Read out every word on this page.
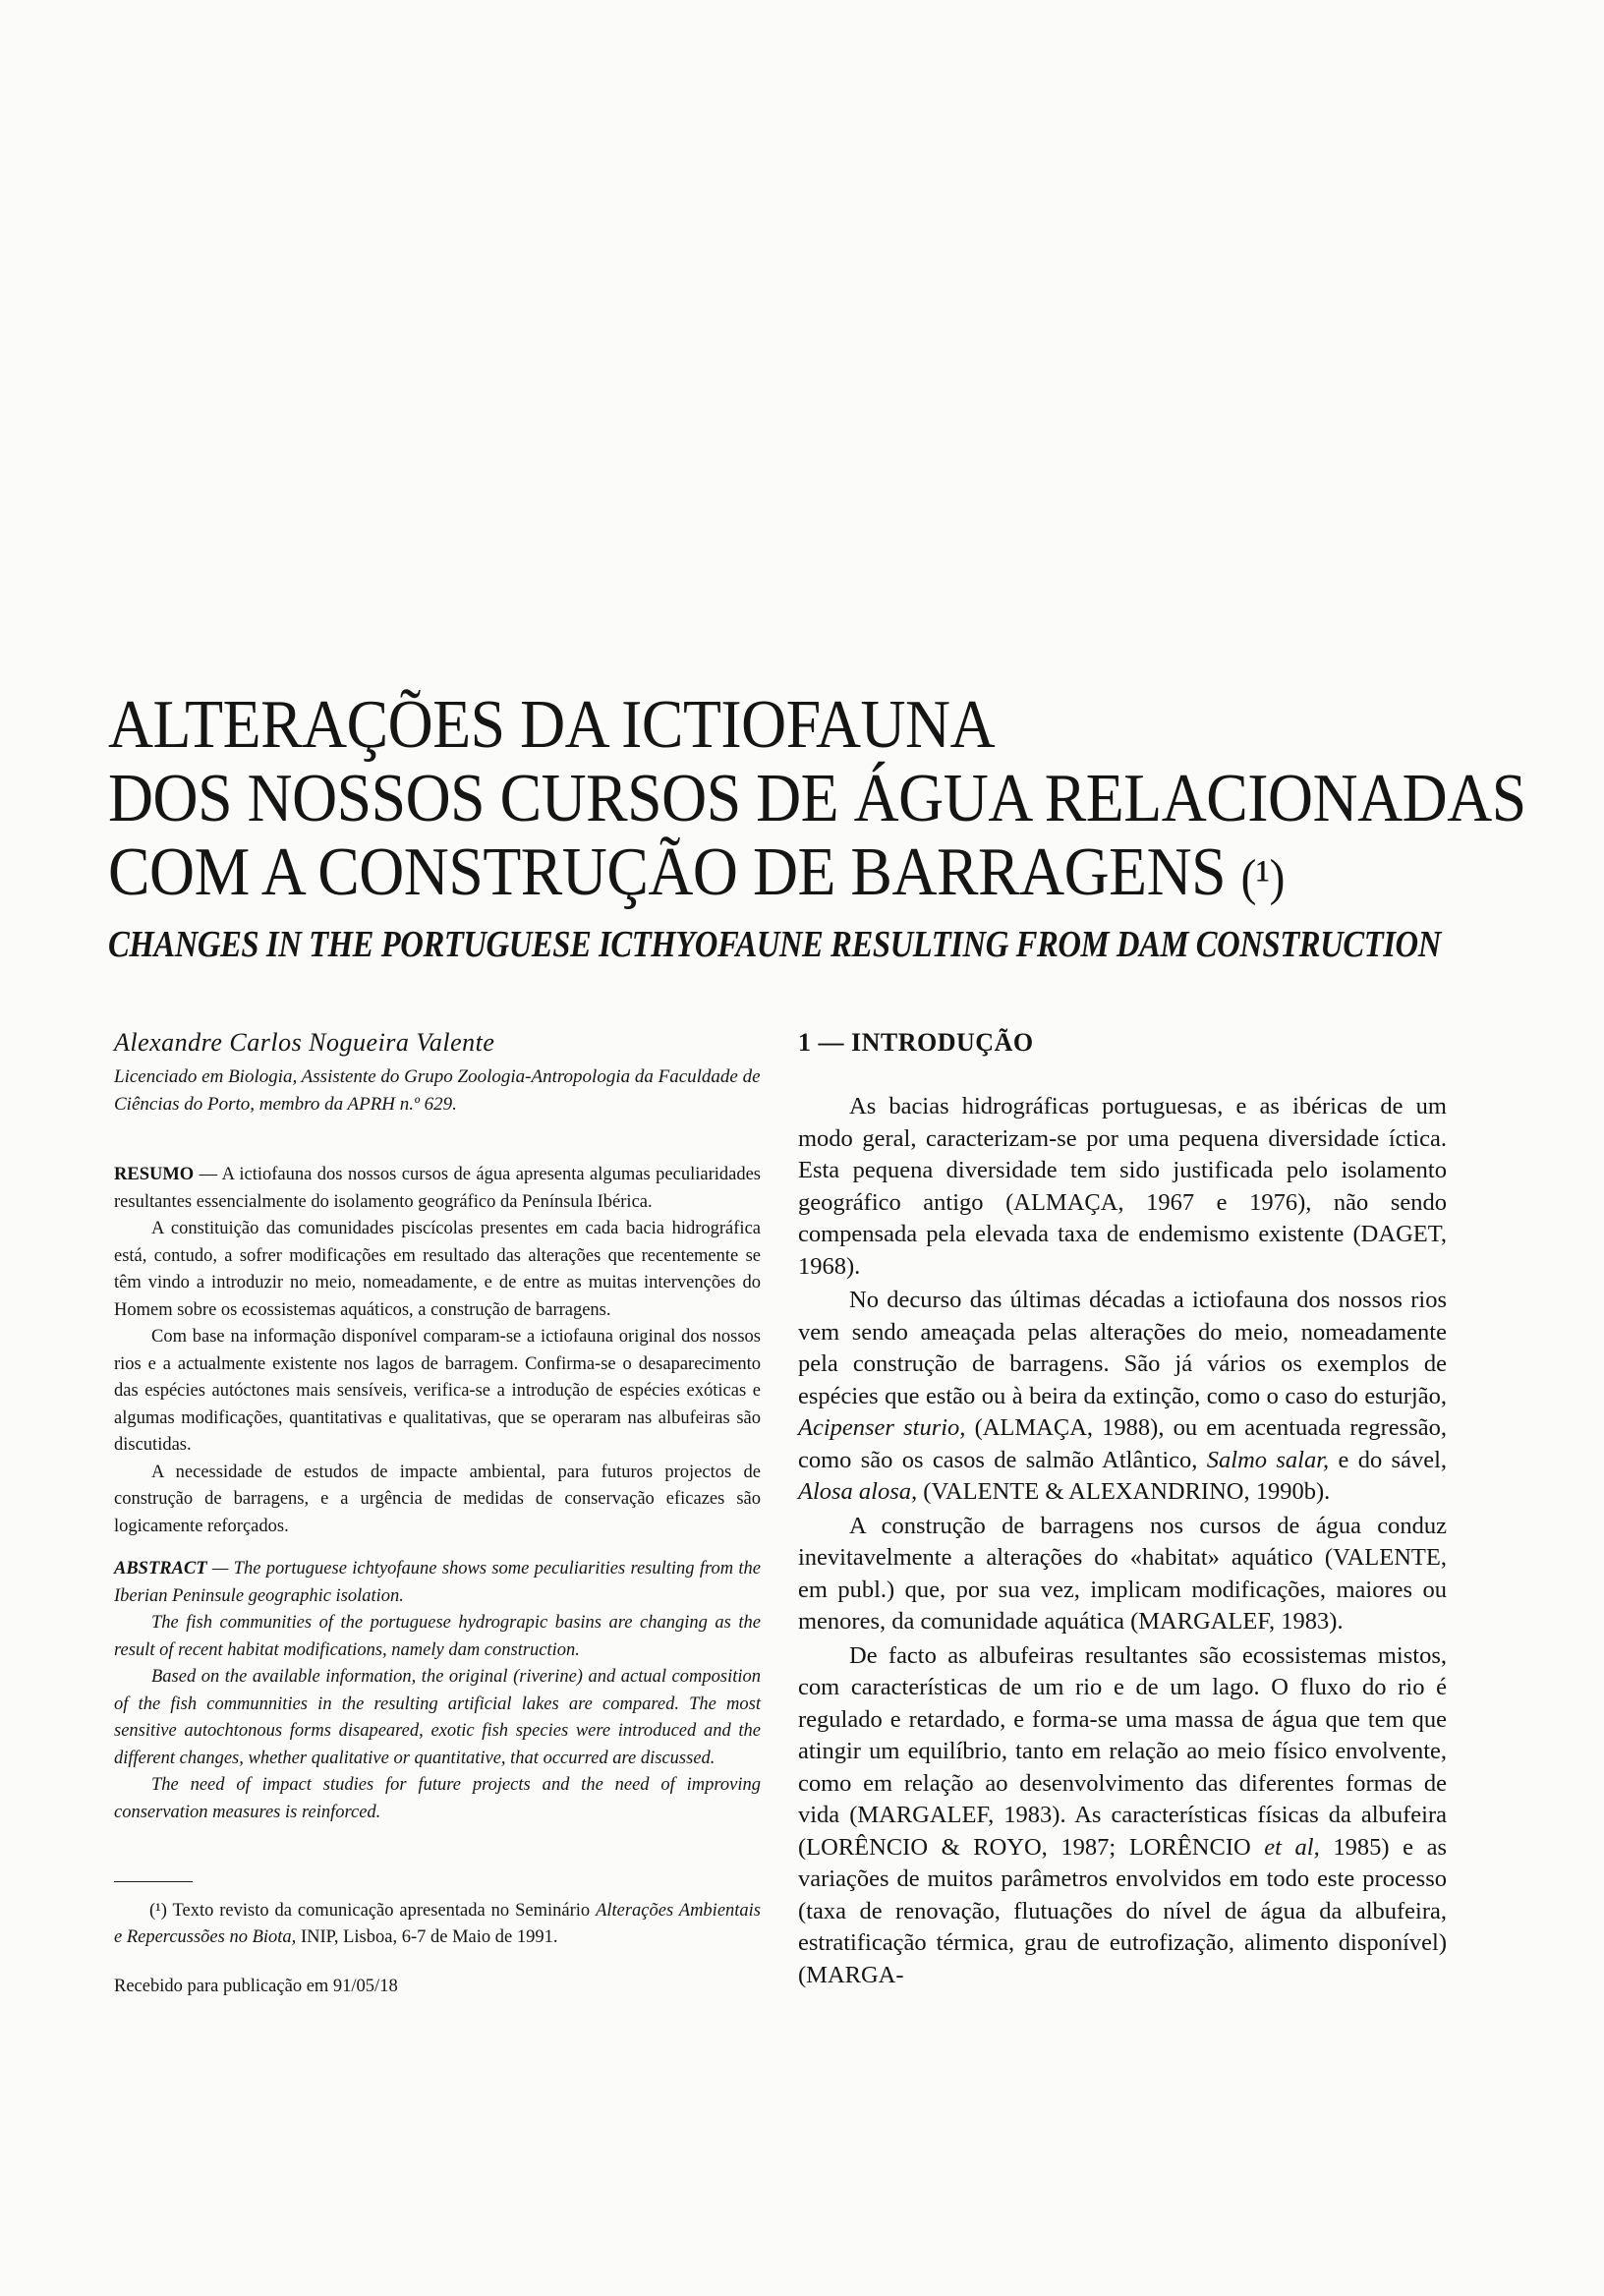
ALTERAÇÕES DA ICTIOFAUNA
DOS NOSSOS CURSOS DE ÁGUA RELACIONADAS
COM A CONSTRUÇÃO DE BARRAGENS (¹)
CHANGES IN THE PORTUGUESE ICTHYOFAUNE RESULTING FROM DAM CONSTRUCTION

Alexandre Carlos Nogueira Valente

Licenciado em Biologia, Assistente do Grupo Zoologia-Antropologia da Faculdade de Ciências do Porto, membro da APRH n.º 629.

RESUMO — A ictiofauna dos nossos cursos de água apresenta algumas peculiaridades resultantes essencialmente do isolamento geográfico da Península Ibérica.

A constituição das comunidades piscícolas presentes em cada bacia hidrográfica está, contudo, a sofrer modificações em resultado das alterações que recentemente se têm vindo a introduzir no meio, nomeadamente, e de entre as muitas intervenções do Homem sobre os ecossistemas aquáticos, a construção de barragens.

Com base na informação disponível comparam-se a ictiofauna original dos nossos rios e a actualmente existente nos lagos de barragem. Confirma-se o desaparecimento das espécies autóctones mais sensíveis, verifica-se a introdução de espécies exóticas e algumas modificações, quantitativas e qualitativas, que se operaram nas albufeiras são discutidas.

A necessidade de estudos de impacte ambiental, para futuros projectos de construção de barragens, e a urgência de medidas de conservação eficazes são logicamente reforçados.

ABSTRACT — The portuguese ichtyofaune shows some peculiarities resulting from the Iberian Peninsule geographic isolation.

The fish communities of the portuguese hydrograpic basins are changing as the result of recent habitat modifications, namely dam construction.

Based on the available information, the original (riverine) and actual composition of the fish communnities in the resulting artificial lakes are compared. The most sensitive autochtonous forms disapeared, exotic fish species were introduced and the different changes, whether qualitative or quantitative, that occurred are discussed.

The need of impact studies for future projects and the need of improving conservation measures is reinforced.

(¹) Texto revisto da comunicação apresentada no Seminário Alterações Ambientais e Repercussões no Biota, INIP, Lisboa, 6-7 de Maio de 1991.

Recebido para publicação em 91/05/18
1 — INTRODUÇÃO

As bacias hidrográficas portuguesas, e as ibéricas de um modo geral, caracterizam-se por uma pequena diversidade íctica. Esta pequena diversidade tem sido justificada pelo isolamento geográfico antigo (ALMAÇA, 1967 e 1976), não sendo compensada pela elevada taxa de endemismo existente (DAGET, 1968).

No decurso das últimas décadas a ictiofauna dos nossos rios vem sendo ameaçada pelas alterações do meio, nomeadamente pela construção de barragens. São já vários os exemplos de espécies que estão ou à beira da extinção, como o caso do esturjão, Acipenser sturio, (ALMAÇA, 1988), ou em acentuada regressão, como são os casos de salmão Atlântico, Salmo salar, e do sável, Alosa alosa, (VALENTE & ALEXANDRINO, 1990b).

A construção de barragens nos cursos de água conduz inevitavelmente a alterações do «habitat» aquático (VALENTE, em publ.) que, por sua vez, implicam modificações, maiores ou menores, da comunidade aquática (MARGALEF, 1983).

De facto as albufeiras resultantes são ecossistemas mistos, com características de um rio e de um lago. O fluxo do rio é regulado e retardado, e forma-se uma massa de água que tem que atingir um equilíbrio, tanto em relação ao meio físico envolvente, como em relação ao desenvolvimento das diferentes formas de vida (MARGALEF, 1983). As características físicas da albufeira (LORÊNCIO & ROYO, 1987; LORÊNCIO et al, 1985) e as variações de muitos parâmetros envolvidos em todo este processo (taxa de renovação, flutuações do nível de água da albufeira, estratificação térmica, grau de eutrofização, alimento disponível) (MARGA-
